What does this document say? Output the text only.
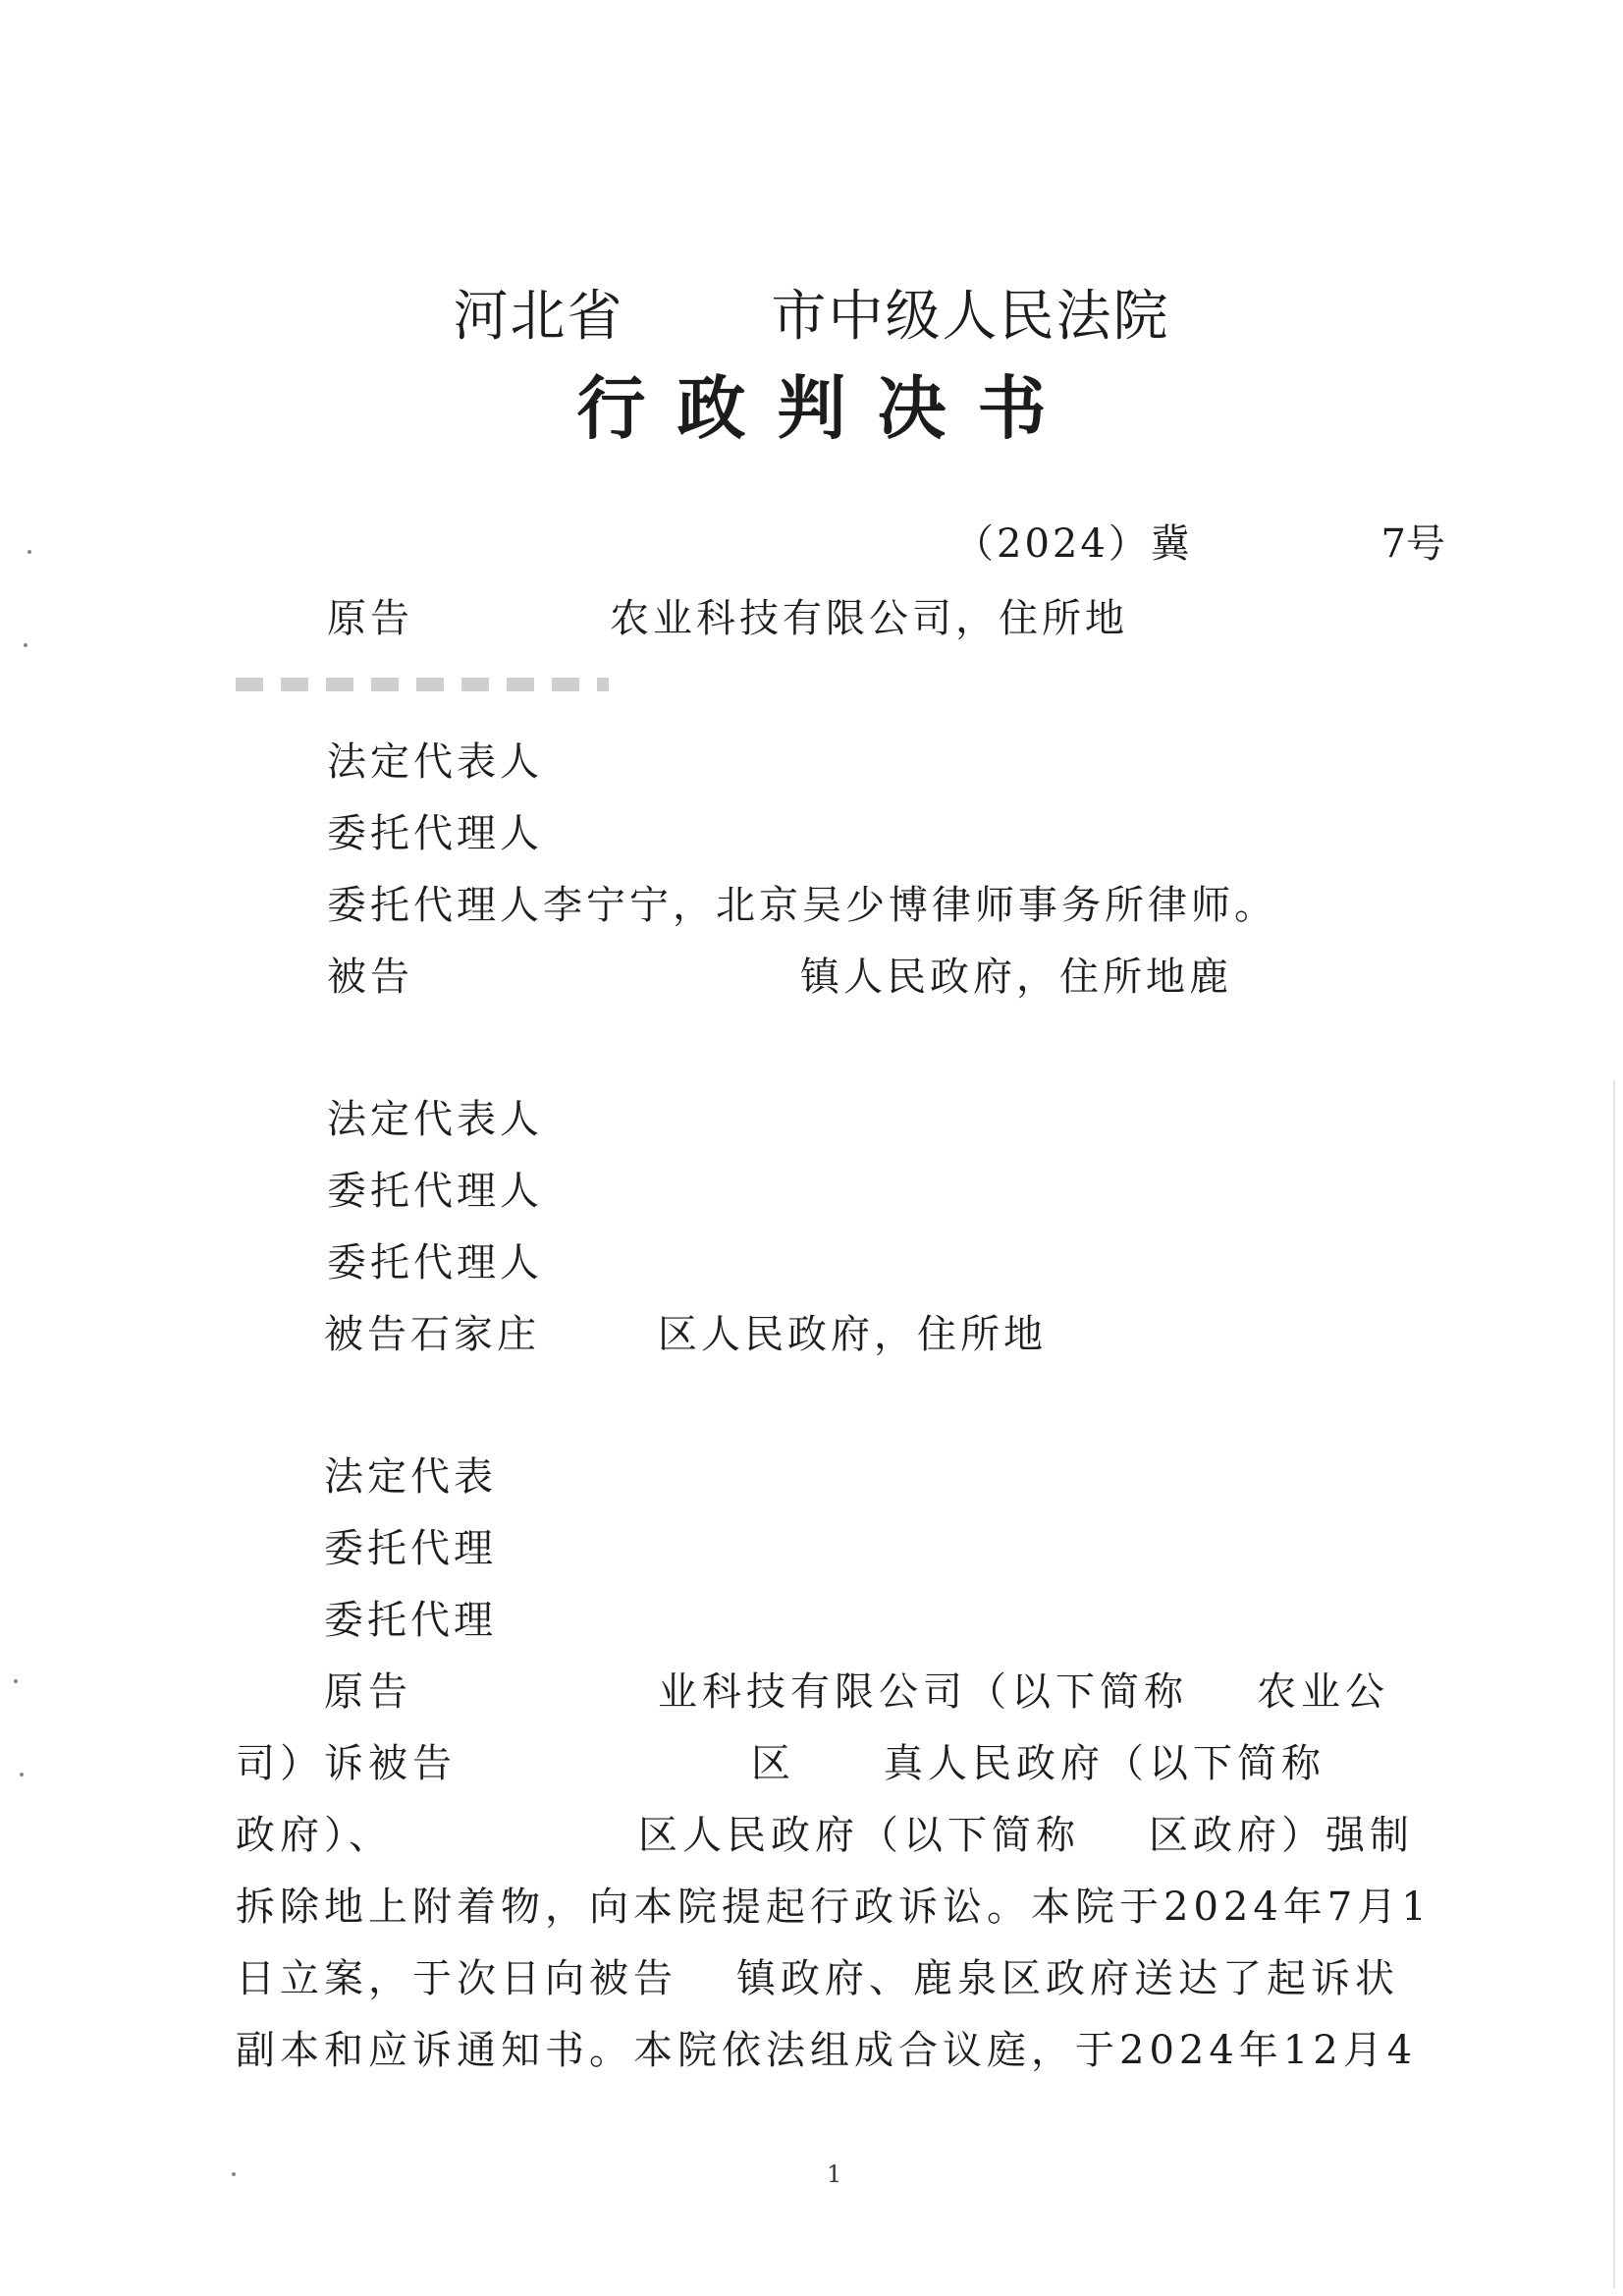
河北省	市中级人民法院
行政判决书
（2024）冀	7号
原告	农业科技有限公司，住所地
法定代表人
委托代理人
委托代理人李宁宁，北京吴少博律师事务所律师。
被告	镇人民政府，住所地鹿
法定代表人
委托代理人
委托代理人
被告石家庄	区人民政府，住所地
法定代表
委托代理
委托代理
原告	业科技有限公司（以下简称 农业公
司）诉被告	区 真人民政府（以下简称
政府）、	区人民政府（以下简称 区政府）强制
拆除地上附着物，向本院提起行政诉讼。本院于2024年7月1
日立案，于次日向被告 镇政府、鹿泉区政府送达了起诉状
副本和应诉通知书。本院依法组成合议庭，于2024年12月4
1
